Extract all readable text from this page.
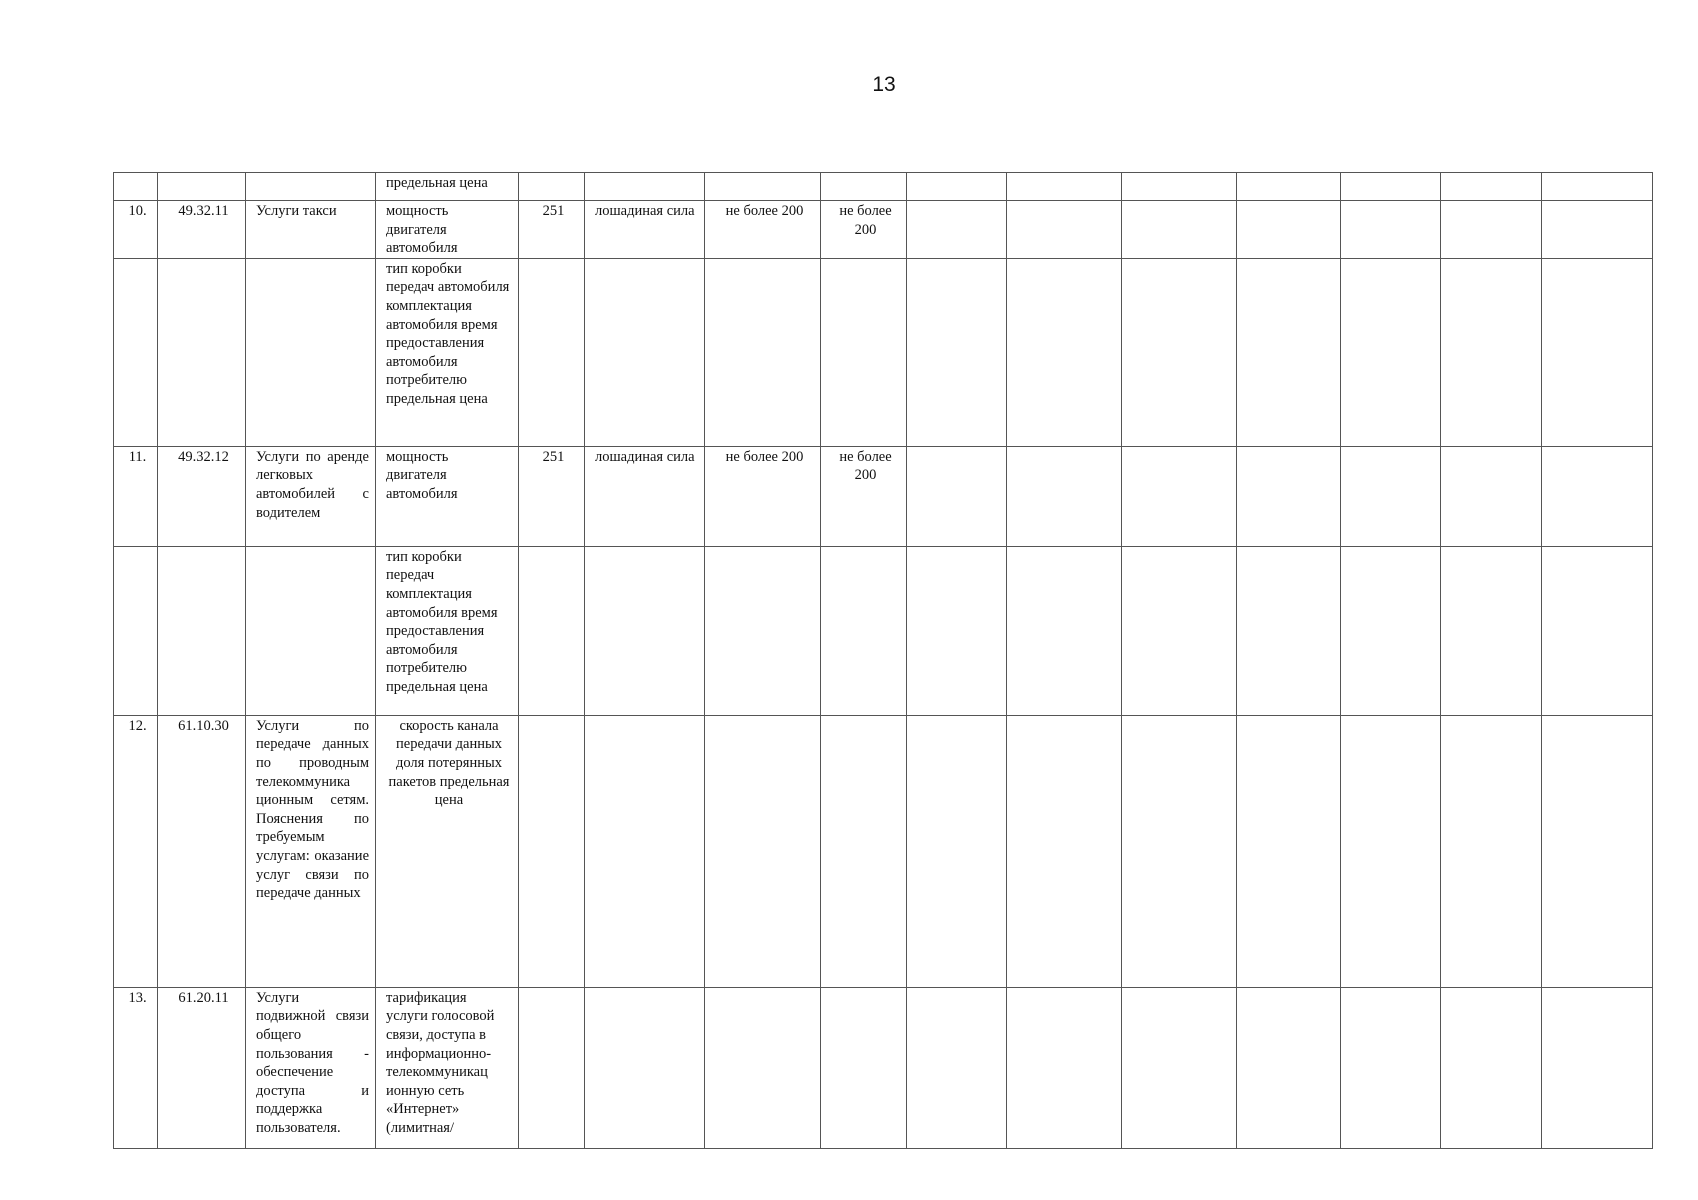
13
			предельная цена											
10.	49.32.11	Услуги такси	мощность двигателя автомобиля	251	лошадиная сила	не более 200	не более 200							
			тип коробки передач автомобиля комплектация автомобиля время предоставления автомобиля потребителю предельная цена											
11.	49.32.12	Услуги по аренде легковых автомобилей с водителем	мощность двигателя автомобиля	251	лошадиная сила	не более 200	не более 200							
			тип коробки передач комплектация автомобиля время предоставления автомобиля потребителю предельная цена											
12.	61.10.30	Услуги по передаче данных по проводным телекоммуника ционным сетям. Пояснения по требуемым услугам: оказание услуг связи по передаче данных	скорость канала передачи данных доля потерянных пакетов предельная цена											
13.	61.20.11	Услуги подвижной связи общего пользования - обеспечение доступа и поддержка пользователя.	тарификация услуги голосовой связи, доступа в информационно-телекоммуникац ионную сеть «Интернет» (лимитная/											
